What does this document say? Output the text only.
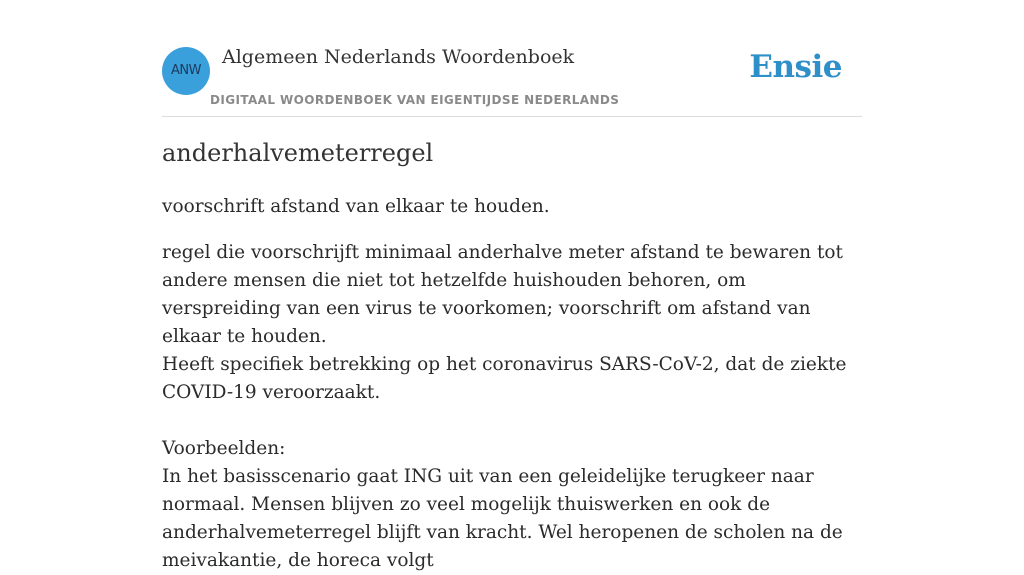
ANW
Algemeen Nederlands Woordenboek
DIGITAAL WOORDENBOEK VAN EIGENTIJDSE NEDERLANDS
Ensie
anderhalvemeterregel

voorschrift afstand van elkaar te houden.

regel die voorschrijft minimaal anderhalve meter afstand te bewaren tot andere mensen die niet tot hetzelfde huishouden behoren, om verspreiding van een virus te voorkomen; voorschrift om afstand van elkaar te houden.

Heeft specifiek betrekking op het coronavirus SARS-CoV-2, dat de ziekte COVID-19 veroorzaakt.

Voorbeelden:

In het basisscenario gaat ING uit van een geleidelijke terugkeer naar normaal. Mensen blijven zo veel mogelijk thuiswerken en ook de anderhalvemeterregel blijft van kracht. Wel heropenen de scholen na de meivakantie, de horeca volgt
